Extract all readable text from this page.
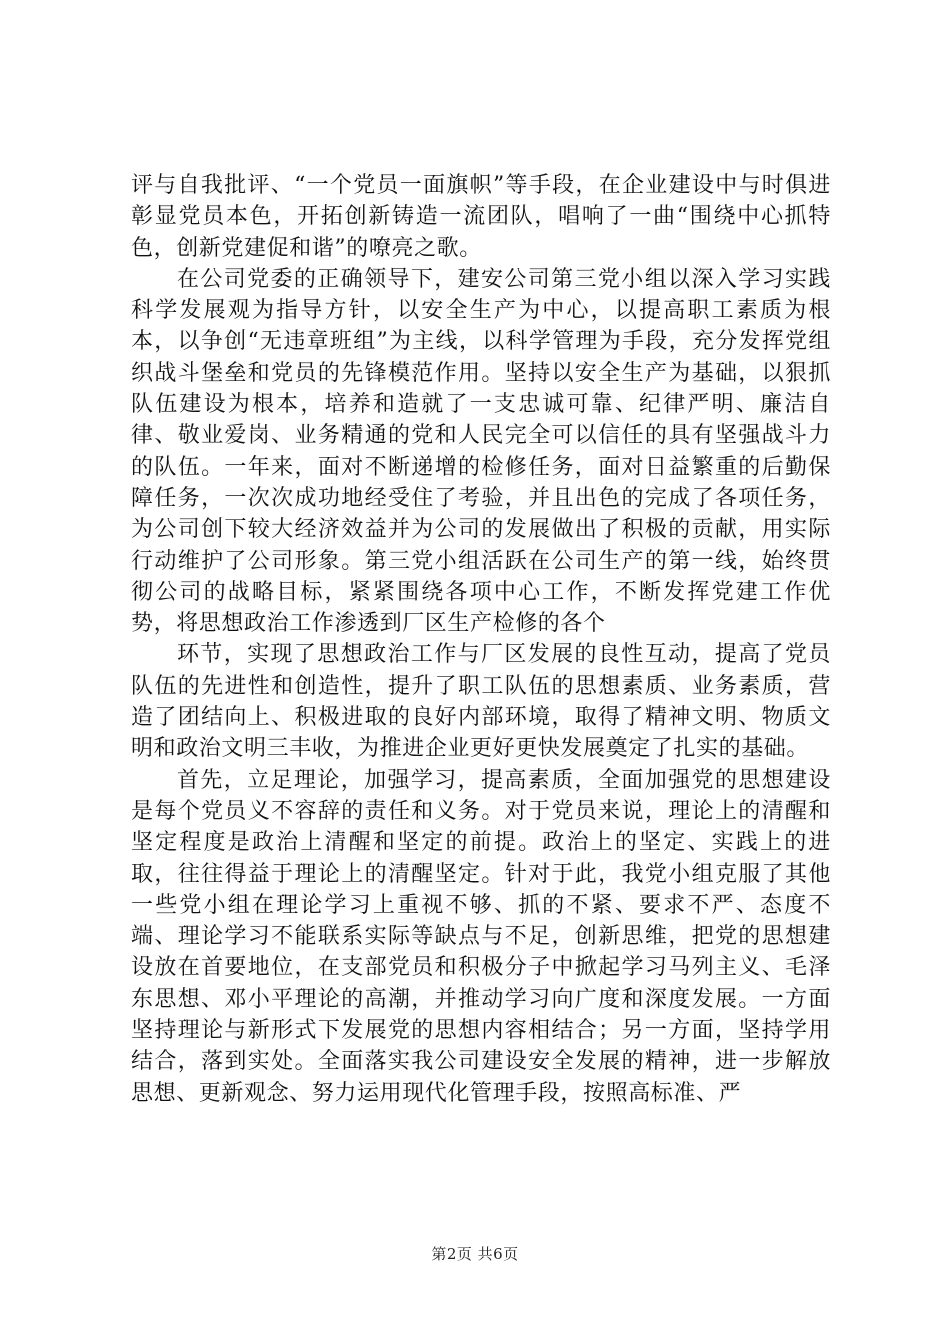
评与自我批评、“一个党员一面旗帜”等手段，在企业建设中与时俱进彰显党员本色，开拓创新铸造一流团队，唱响了一曲“围绕中心抓特色，创新党建促和谐”的嘹亮之歌。

在公司党委的正确领导下，建安公司第三党小组以深入学习实践科学发展观为指导方针，以安全生产为中心，以提高职工素质为根本，以争创“无违章班组”为主线，以科学管理为手段，充分发挥党组织战斗堡垒和党员的先锋模范作用。坚持以安全生产为基础，以狠抓队伍建设为根本，培养和造就了一支忠诚可靠、纪律严明、廉洁自律、敬业爱岗、业务精通的党和人民完全可以信任的具有坚强战斗力的队伍。一年来，面对不断递增的检修任务，面对日益繁重的后勤保障任务，一次次成功地经受住了考验，并且出色的完成了各项任务，为公司创下较大经济效益并为公司的发展做出了积极的贡献，用实际行动维护了公司形象。第三党小组活跃在公司生产的第一线，始终贯彻公司的战略目标，紧紧围绕各项中心工作，不断发挥党建工作优势，将思想政治工作渗透到厂区生产检修的各个

环节，实现了思想政治工作与厂区发展的良性互动，提高了党员队伍的先进性和创造性，提升了职工队伍的思想素质、业务素质，营造了团结向上、积极进取的良好内部环境，取得了精神文明、物质文明和政治文明三丰收，为推进企业更好更快发展奠定了扎实的基础。

首先，立足理论，加强学习，提高素质，全面加强党的思想建设是每个党员义不容辞的责任和义务。对于党员来说，理论上的清醒和坚定程度是政治上清醒和坚定的前提。政治上的坚定、实践上的进取，往往得益于理论上的清醒坚定。针对于此，我党小组克服了其他一些党小组在理论学习上重视不够、抓的不紧、要求不严、态度不端、理论学习不能联系实际等缺点与不足，创新思维，把党的思想建设放在首要地位，在支部党员和积极分子中掀起学习马列主义、毛泽东思想、邓小平理论的高潮，并推动学习向广度和深度发展。一方面坚持理论与新形式下发展党的思想内容相结合；另一方面，坚持学用结合，落到实处。全面落实我公司建设安全发展的精神，进一步解放思想、更新观念、努力运用现代化管理手段，按照高标准、严

第2页 共6页
